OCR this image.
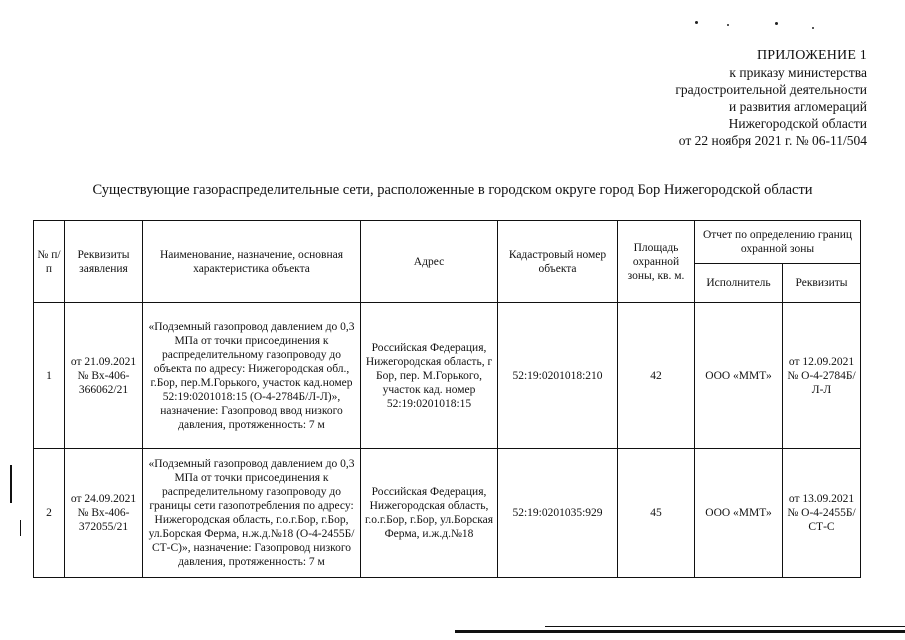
ПРИЛОЖЕНИЕ 1
к приказу министерства
градостроительной деятельности
и развития агломераций
Нижегородской области
от 22 ноября 2021 г. № 06-11/504
Существующие газораспределительные сети, расположенные в городском округе город Бор Нижегородской области
№ п/п	Реквизиты заявления	Наименование, назначение, основная характеристика объекта	Адрес	Кадастровый номер объекта	Площадь охранной зоны, кв. м.	Отчет по определению границ охранной зоны	
						Исполнитель	Реквизиты
1	от 21.09.2021 № Вх-406-366062/21	«Подземный газопровод давлением до 0,3 МПа от точки присоединения к распределительному газопроводу до объекта по адресу: Нижегородская обл., г.Бор, пер.М.Горького, участок кад.номер 52:19:0201018:15 (О-4-2784Б/Л-Л)», назначение: Газопровод ввод низкого давления, протяженность: 7 м	Российская Федерация, Нижегородская область, г Бор, пер. М.Горького, участок кад. номер 52:19:0201018:15	52:19:0201018:210	42	ООО «ММТ»	от 12.09.2021 № О-4-2784Б/Л-Л
2	от 24.09.2021 № Вх-406-372055/21	«Подземный газопровод давлением до 0,3 МПа от точки присоединения к распределительному газопроводу до границы сети газопотребления по адресу: Нижегородская область, г.о.г.Бор, г.Бор, ул.Борская Ферма, н.ж.д.№18 (О-4-2455Б/СТ-С)», назначение: Газопровод низкого давления, протяженность: 7 м	Российская Федерация, Нижегородская область, г.о.г.Бор, г.Бор, ул.Борская Ферма, и.ж.д.№18	52:19:0201035:929	45	ООО «ММТ»	от 13.09.2021 № О-4-2455Б/СТ-С
